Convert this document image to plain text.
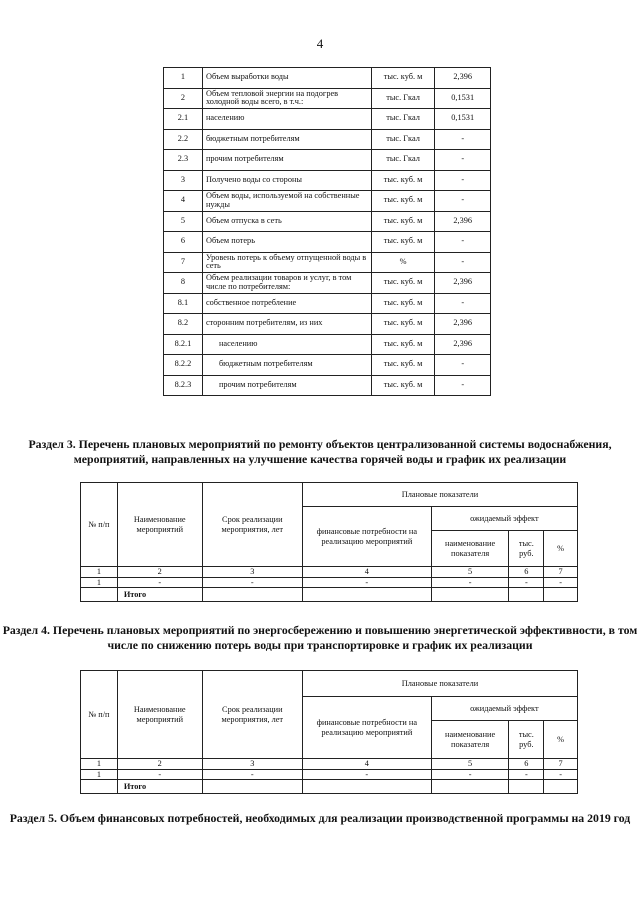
4
1	Объем выработки воды	тыс. куб. м	2,396
2	Объем тепловой энергии на подогрев холодной воды всего, в т.ч.:	тыс. Гкал	0,1531
2.1	населению	тыс. Гкал	0,1531
2.2	бюджетным потребителям	тыс. Гкал	-
2.3	прочим потребителям	тыс. Гкал	-
3	Получено воды со стороны	тыс. куб. м	-
4	Объем воды, используемой на собственные нужды	тыс. куб. м	-
5	Объем отпуска в сеть	тыс. куб. м	2,396
6	Объем потерь	тыс. куб. м	-
7	Уровень потерь к объему отпущенной воды в сеть	%	-
8	Объем реализации товаров и услуг, в том числе по потребителям:	тыс. куб. м	2,396
8.1	собственное потребление	тыс. куб. м	-
8.2	сторонним потребителям, из них	тыс. куб. м	2,396
8.2.1	населению	тыс. куб. м	2,396
8.2.2	бюджетным потребителям	тыс. куб. м	-
8.2.3	прочим потребителям	тыс. куб. м	-
Раздел 3. Перечень плановых мероприятий по ремонту объектов централизованной системы водоснабжения, мероприятий, направленных на улучшение качества горячей воды и график их реализации
№ п/п	Наименование мероприятий	Срок реализации мероприятия, лет	Плановые показатели			
			финансовые потребности на реализацию мероприятий	ожидаемый эффект		
				наименование показателя	тыс. руб.	%
1	2	3	4	5	6	7
1	-	-	-	-	-	-
	Итого					
Раздел 4. Перечень плановых мероприятий по энергосбережению и повышению энергетической эффективности, в том числе по снижению потерь воды при транспортировке и график их реализации
№ п/п	Наименование мероприятий	Срок реализации мероприятия, лет	Плановые показатели			
			финансовые потребности на реализацию мероприятий	ожидаемый эффект		
				наименование показателя	тыс. руб.	%
1	2	3	4	5	6	7
1	-	-	-	-	-	-
	Итого					
Раздел 5. Объем финансовых потребностей, необходимых для реализации производственной программы на 2019 год
